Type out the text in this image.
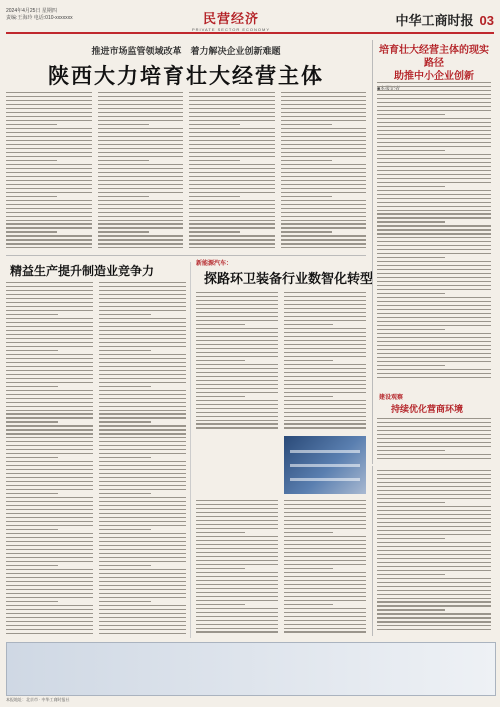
2024年4月25日 星期四
责编:王海玲 电话:010-xxxxxxx	民营经济
PRIVATE SECTOR ECONOMY
中华工商时报 03
推进市场监管领域改革　着力解决企业创新难题
陕西大力培育壮大经营主体
精益生产提升制造业竞争力
新能源汽车：
探路环卫装备行业数智化转型
培育壮大经营主体的现实路径
助推中小企业创新
建设观察
持续优化营商环境
本报地址：北京市 · 中华工商时报社
